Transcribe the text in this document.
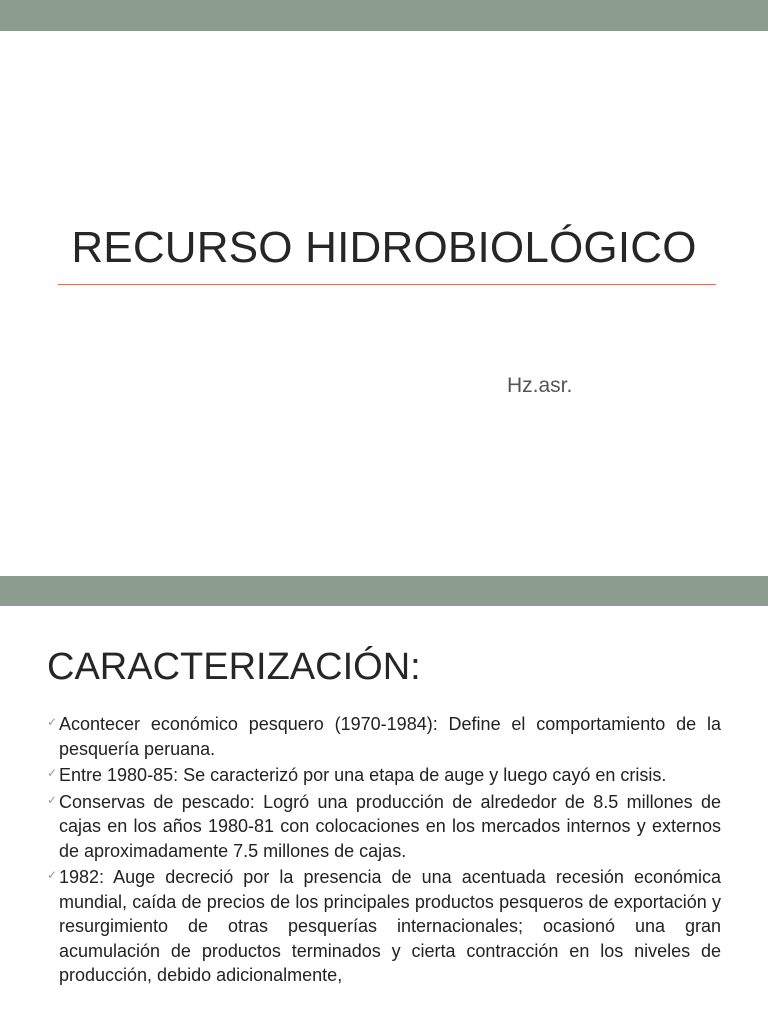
RECURSO HIDROBIOLÓGICO
Hz.asr.
CARACTERIZACIÓN:
✓ Acontecer económico pesquero (1970-1984): Define el comportamiento de la pesquería peruana.
✓ Entre 1980-85: Se caracterizó por una etapa de auge y luego cayó en crisis.
✓ Conservas de pescado: Logró una producción de alrededor de 8.5 millones de cajas en los años 1980-81 con colocaciones en los mercados internos y externos de aproximadamente 7.5 millones de cajas.
✓ 1982: Auge decreció por la presencia de una acentuada recesión económica mundial, caída de precios de los principales productos pesqueros de exportación y resurgimiento de otras pesquerías internacionales; ocasionó una gran acumulación de productos terminados y cierta contracción en los niveles de producción, debido adicionalmente,
